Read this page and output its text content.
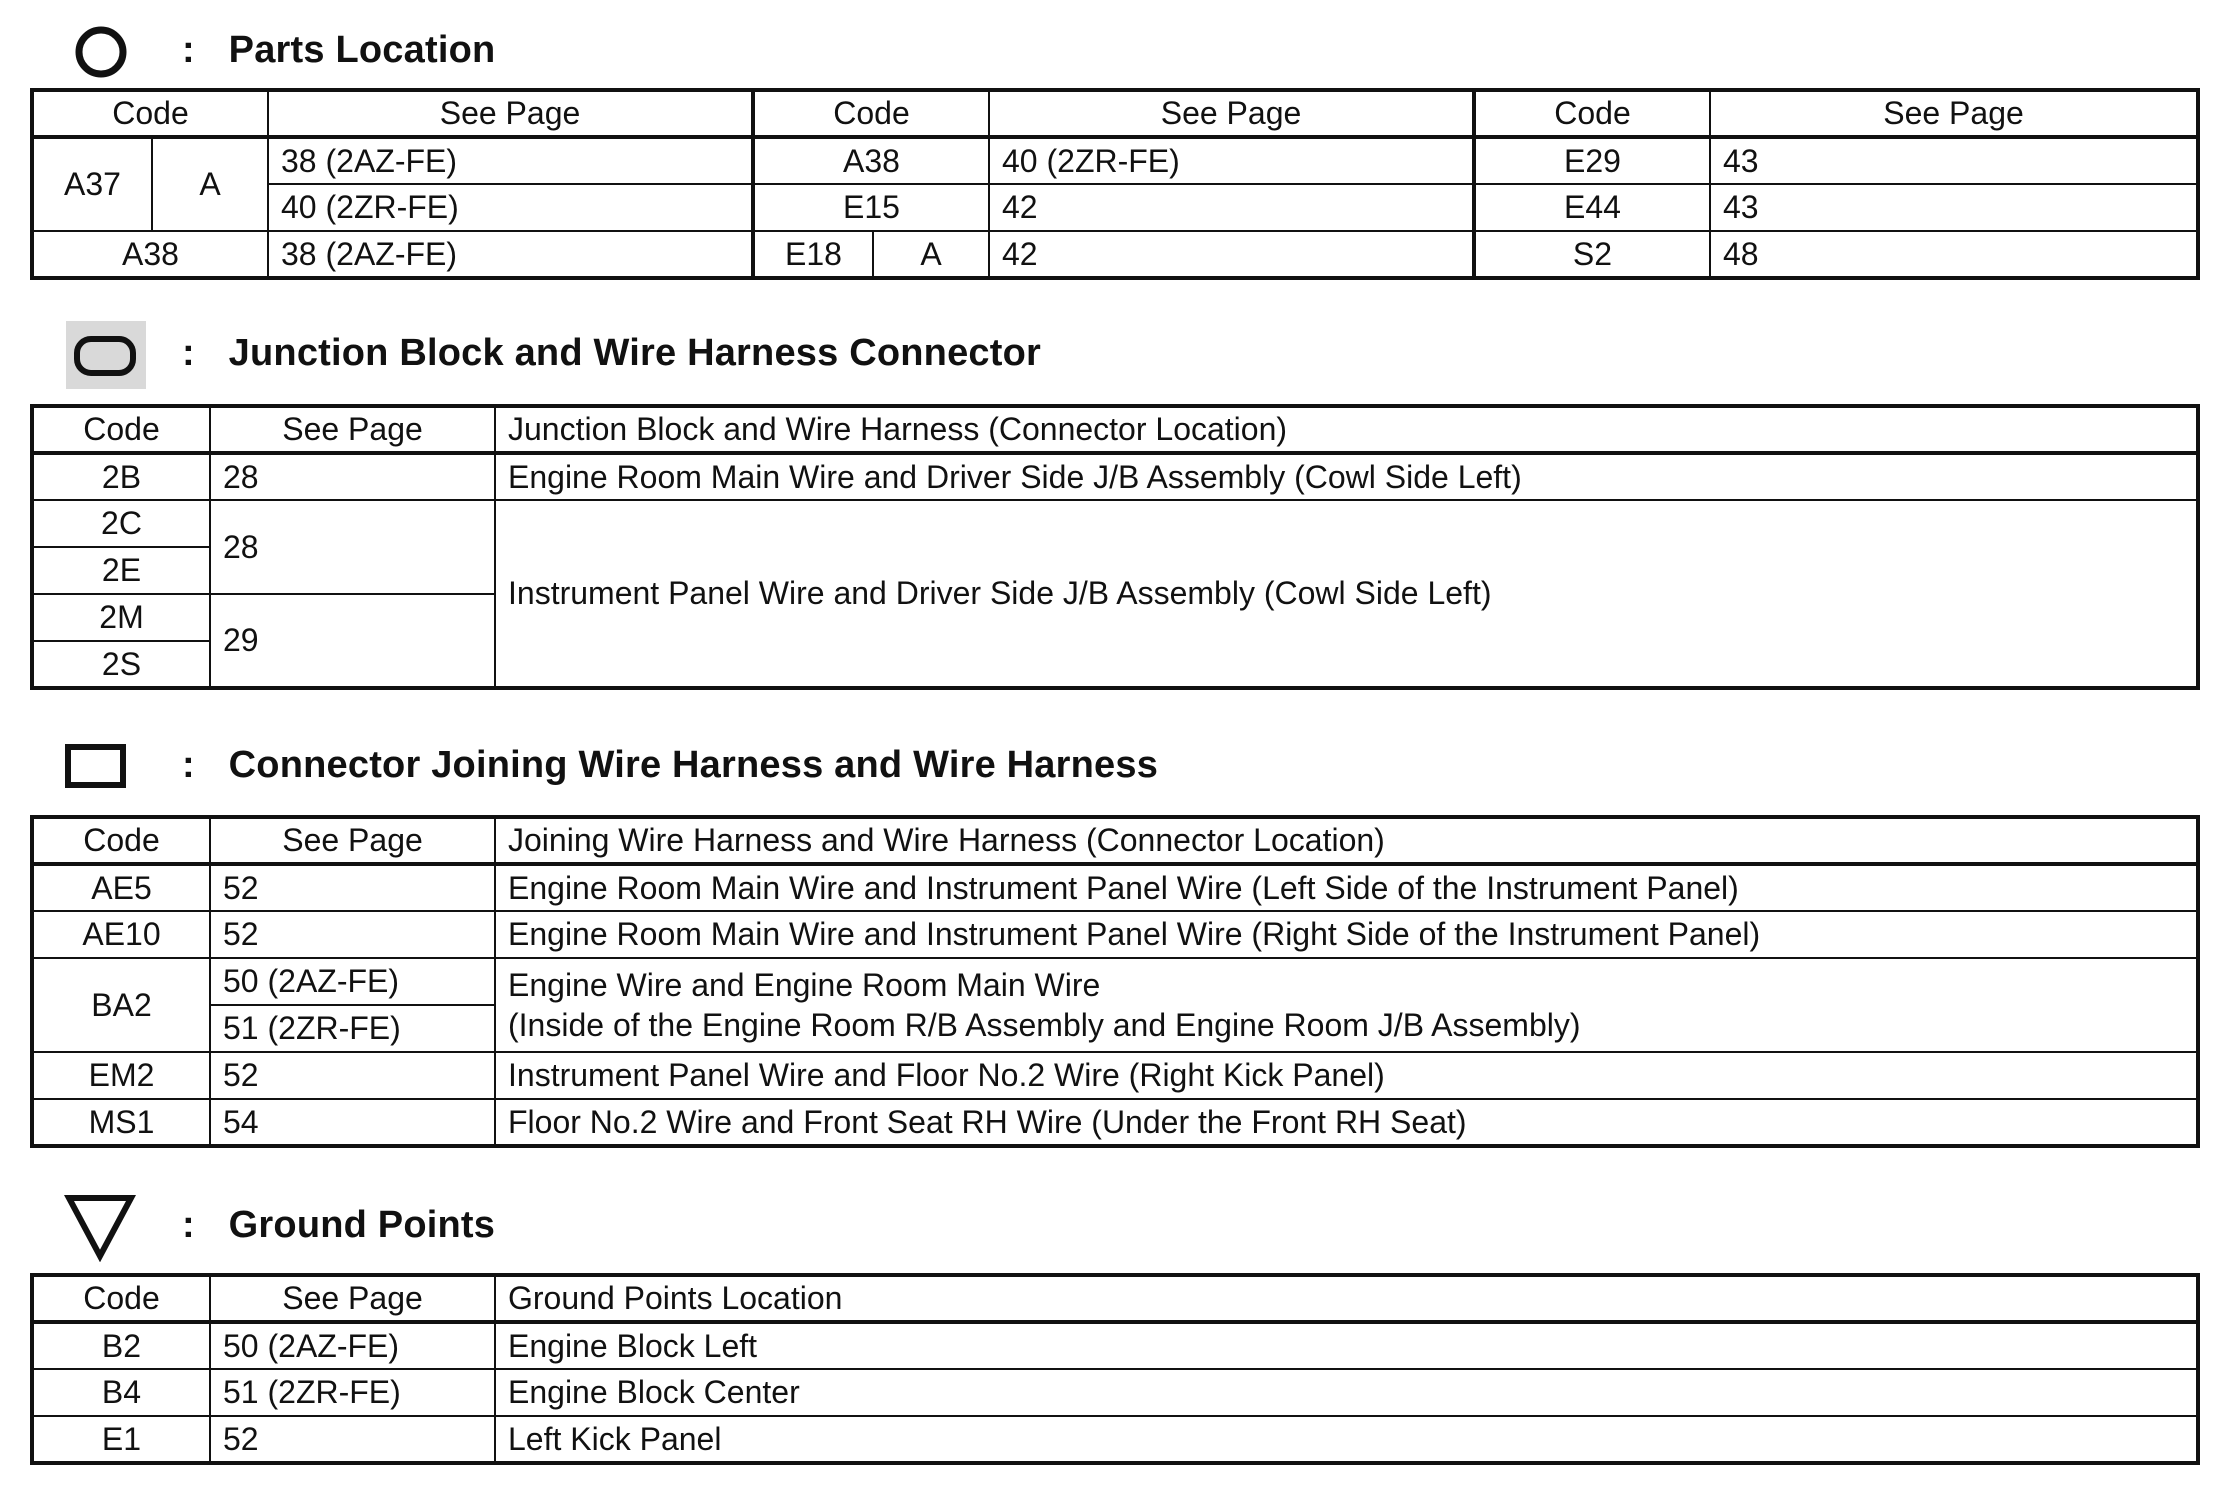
: Parts Location
Code		See Page	Code		See Page	Code	See Page
A37	A	38 (2AZ-FE)	A38		40 (2ZR-FE)	E29	43
		40 (2ZR-FE)	E15		42	E44	43
A38		38 (2AZ-FE)	E18	A	42	S2	48
: Junction Block and Wire Harness Connector
Code	See Page	Junction Block and Wire Harness (Connector Location)
2B	28	Engine Room Main Wire and Driver Side J/B Assembly (Cowl Side Left)
2C	28	Instrument Panel Wire and Driver Side J/B Assembly (Cowl Side Left)
2E		
2M	29	
2S		
: Connector Joining Wire Harness and Wire Harness
Code	See Page	Joining Wire Harness and Wire Harness (Connector Location)
AE5	52	Engine Room Main Wire and Instrument Panel Wire (Left Side of the Instrument Panel)
AE10	52	Engine Room Main Wire and Instrument Panel Wire (Right Side of the Instrument Panel)
BA2	50 (2AZ-FE)	Engine Wire and Engine Room Main Wire
(Inside of the Engine Room R/B Assembly and Engine Room J/B Assembly)

	51 (2ZR-FE)	
EM2	52	Instrument Panel Wire and Floor No.2 Wire (Right Kick Panel)
MS1	54	Floor No.2 Wire and Front Seat RH Wire (Under the Front RH Seat)
: Ground Points
Code	See Page	Ground Points Location
B2	50 (2AZ-FE)	Engine Block Left
B4	51 (2ZR-FE)	Engine Block Center
E1	52	Left Kick Panel
